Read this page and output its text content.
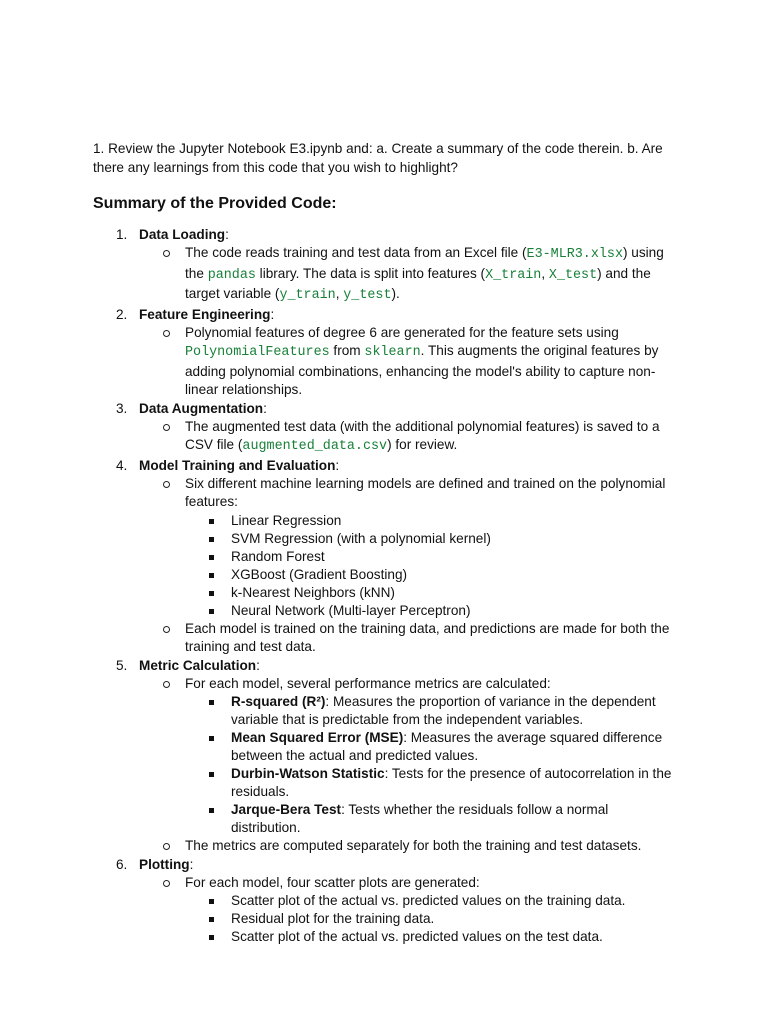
1. Review the Jupyter Notebook E3.ipynb and: a. Create a summary of the code therein. b. Are there any learnings from this code that you wish to highlight?

Summary of the Provided Code:
1. Data Loading:
The code reads training and test data from an Excel file (E3-MLR3.xlsx) using the pandas library. The data is split into features (X_train, X_test) and the target variable (y_train, y_test).
2. Feature Engineering:
Polynomial features of degree 6 are generated for the feature sets using PolynomialFeatures from sklearn. This augments the original features by adding polynomial combinations, enhancing the model's ability to capture non-linear relationships.
3. Data Augmentation:
The augmented test data (with the additional polynomial features) is saved to a CSV file (augmented_data.csv) for review.
4. Model Training and Evaluation:
Six different machine learning models are defined and trained on the polynomial features:
Linear Regression
SVM Regression (with a polynomial kernel)
Random Forest
XGBoost (Gradient Boosting)
k-Nearest Neighbors (kNN)
Neural Network (Multi-layer Perceptron)
Each model is trained on the training data, and predictions are made for both the training and test data.
5. Metric Calculation:
For each model, several performance metrics are calculated:
R-squared (R²): Measures the proportion of variance in the dependent variable that is predictable from the independent variables.
Mean Squared Error (MSE): Measures the average squared difference between the actual and predicted values.
Durbin-Watson Statistic: Tests for the presence of autocorrelation in the residuals.
Jarque-Bera Test: Tests whether the residuals follow a normal distribution.
The metrics are computed separately for both the training and test datasets.
6. Plotting:
For each model, four scatter plots are generated:
Scatter plot of the actual vs. predicted values on the training data.
Residual plot for the training data.
Scatter plot of the actual vs. predicted values on the test data.
